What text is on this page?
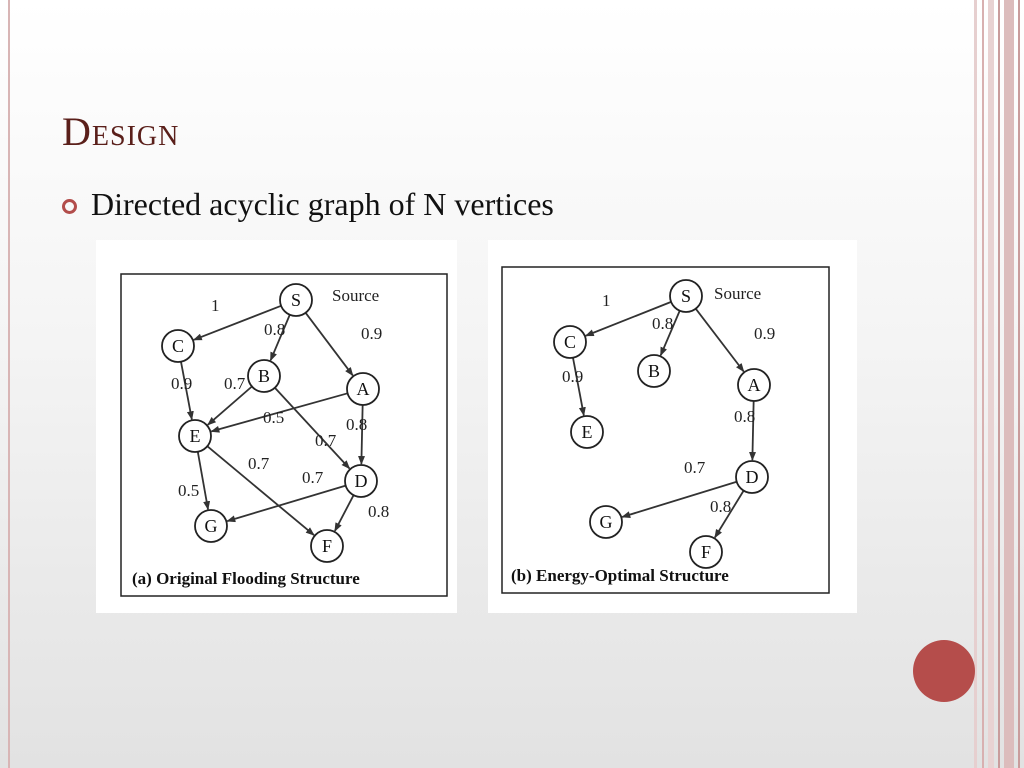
Design
Directed acyclic graph of N vertices
1
0.8	0.9
0.9 0.7
0.5
0.7
0.8
0.7
0.5
0.7
0.8
S
C
B
A
E
D
G
F
Source
(a) Original Flooding Structure
1
0.8
0.9
0.9
0.8
0.7
0.8
S
C
B
A
E
D
G
F
Source
(b) Energy-Optimal Structure
